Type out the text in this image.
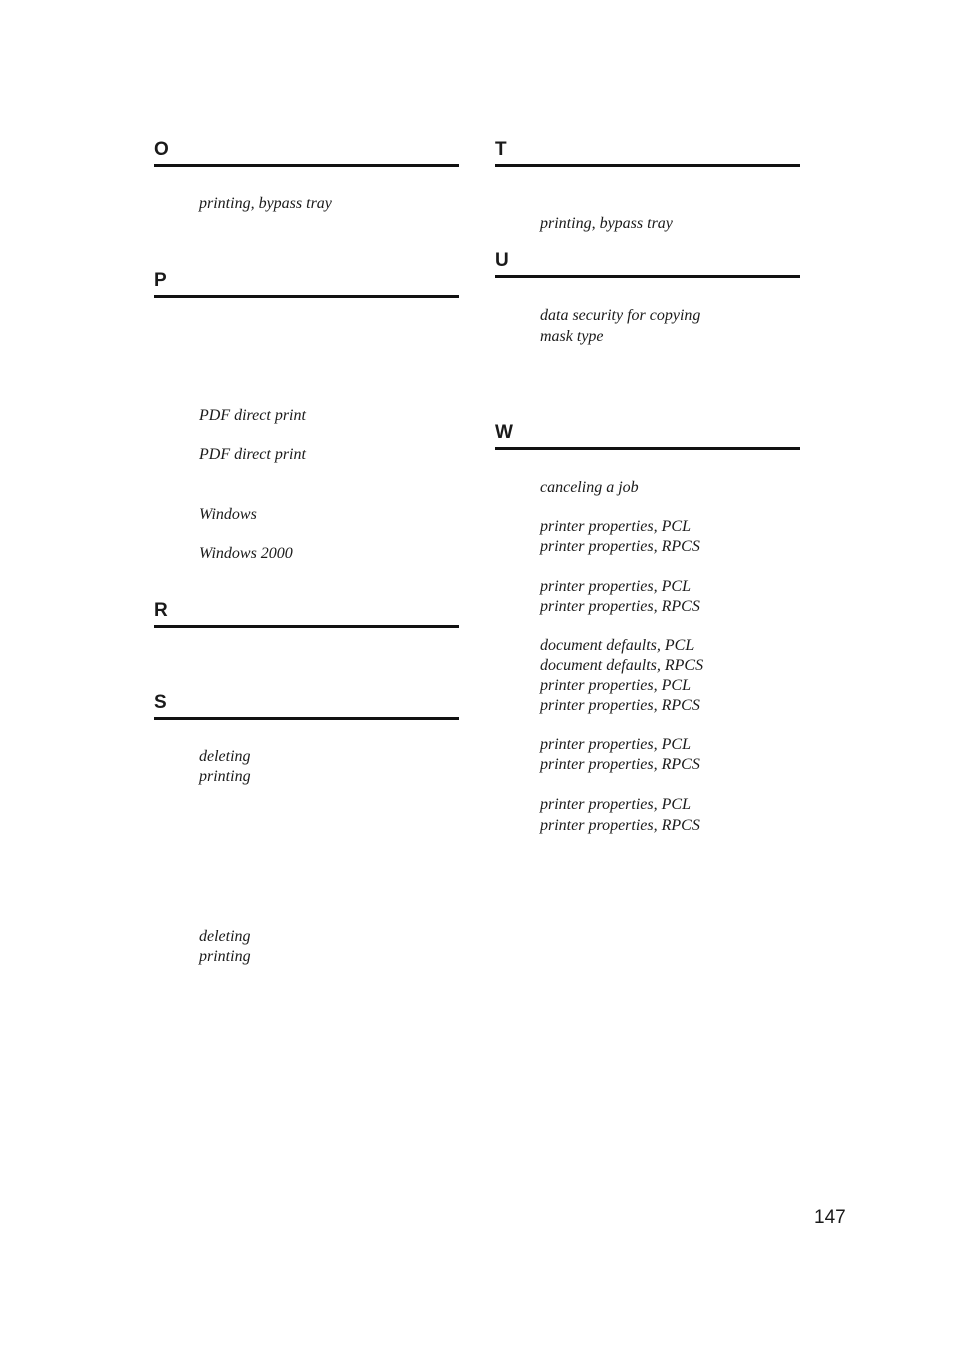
O
printing, bypass tray
P
PDF direct print
PDF direct print
Windows
Windows 2000
R
S
deleting
printing
deleting
printing
T
printing, bypass tray
U
data security for copying
mask type
W
canceling a job
printer properties, PCL
printer properties, RPCS
printer properties, PCL
printer properties, RPCS
document defaults, PCL
document defaults, RPCS
printer properties, PCL
printer properties, RPCS
printer properties, PCL
printer properties, RPCS
printer properties, PCL
printer properties, RPCS
147
